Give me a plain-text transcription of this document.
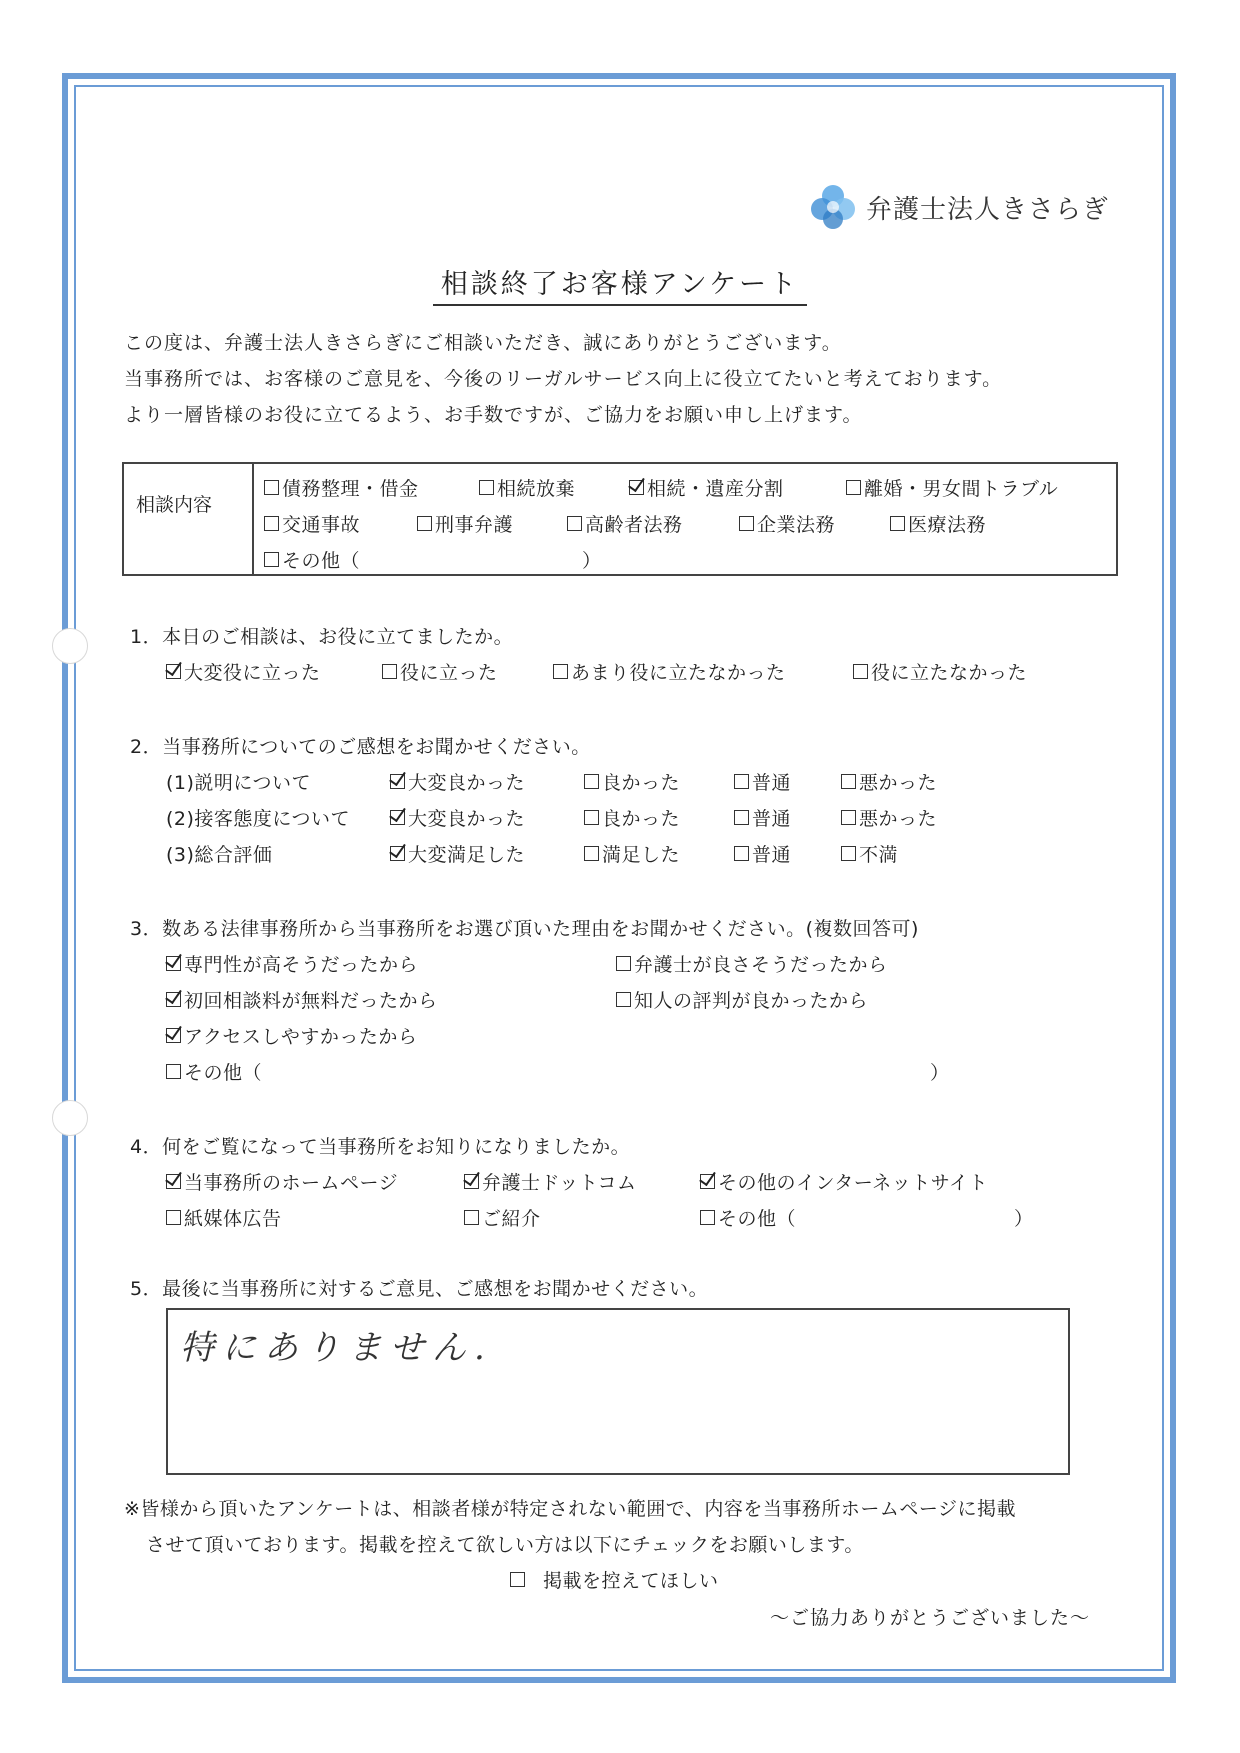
弁護士法人きさらぎ
相談終了お客様アンケート
この度は、弁護士法人きさらぎにご相談いただき、誠にありがとうございます。
当事務所では、お客様のご意見を、今後のリーガルサービス向上に役立てたいと考えております。
より一層皆様のお役に立てるよう、お手数ですが、ご協力をお願い申し上げます。
相談内容
債務整理・借金	相続放棄	相続・遺産分割	離婚・男女間トラブル
交通事故	刑事弁護	高齢者法務	企業法務	医療法務
その他（	）
1．本日のご相談は、お役に立てましたか。
大変役に立った	役に立った	あまり役に立たなかった	役に立たなかった
2．当事務所についてのご感想をお聞かせください。
(1)説明について	大変良かった	良かった	普通	悪かった
(2)接客態度について	大変良かった	良かった	普通	悪かった
(3)総合評価	大変満足した	満足した	普通	不満
3．数ある法律事務所から当事務所をお選び頂いた理由をお聞かせください。(複数回答可)
専門性が高そうだったから	弁護士が良さそうだったから
初回相談料が無料だったから	知人の評判が良かったから
アクセスしやすかったから
その他（	）
4．何をご覧になって当事務所をお知りになりましたか。
当事務所のホームページ	弁護士ドットコム	その他のインターネットサイト
紙媒体広告	ご紹介	その他（	）
5．最後に当事務所に対するご意見、ご感想をお聞かせください。
特にありません.
※皆様から頂いたアンケートは、相談者様が特定されない範囲で、内容を当事務所ホームページに掲載
させて頂いております。掲載を控えて欲しい方は以下にチェックをお願いします。
掲載を控えてほしい
～ご協力ありがとうございました～
